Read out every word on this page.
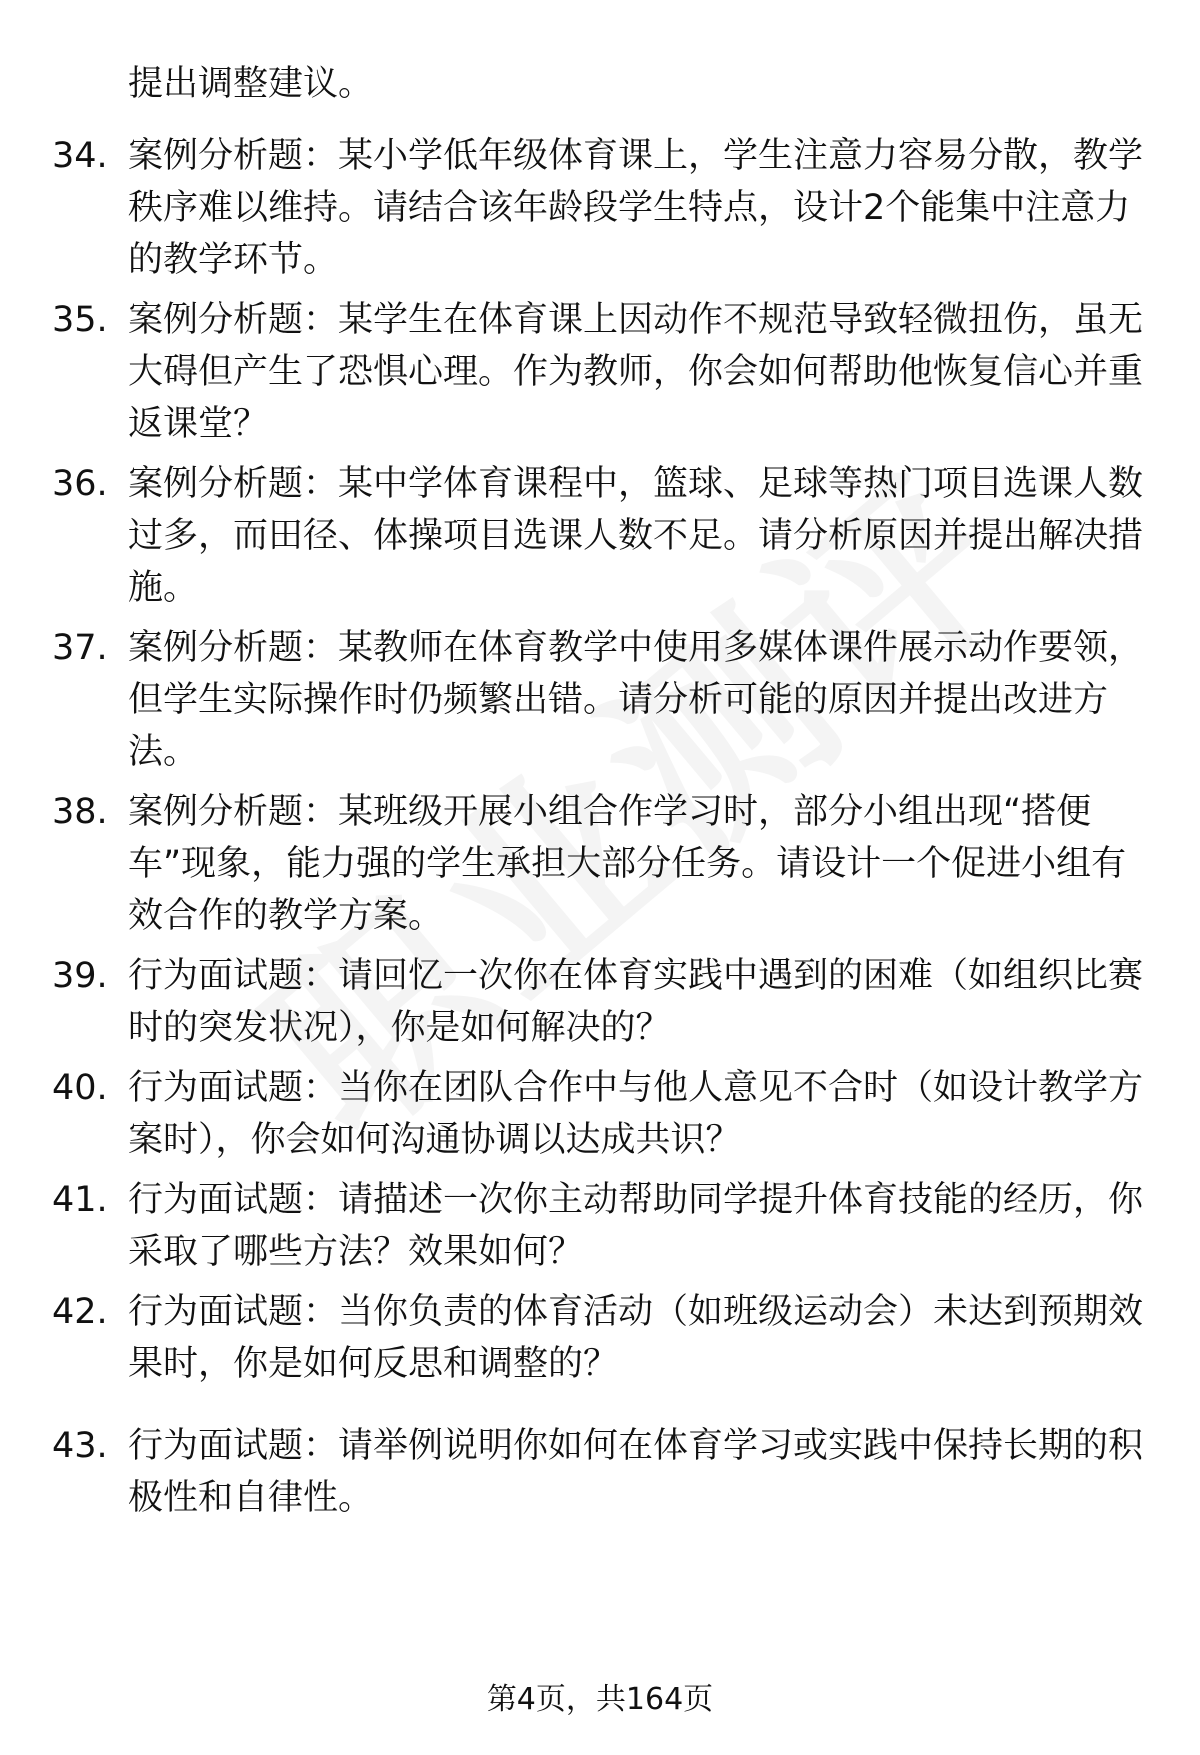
提出调整建议。
34. 案例分析题：某小学低年级体育课上，学生注意力容易分散，教学秩序难以维持。请结合该年龄段学生特点，设计2个能集中注意力的教学环节。
35. 案例分析题：某学生在体育课上因动作不规范导致轻微扭伤，虽无大碍但产生了恐惧心理。作为教师，你会如何帮助他恢复信心并重返课堂？
36. 案例分析题：某中学体育课程中，篮球、足球等热门项目选课人数过多，而田径、体操项目选课人数不足。请分析原因并提出解决措施。
37. 案例分析题：某教师在体育教学中使用多媒体课件展示动作要领，但学生实际操作时仍频繁出错。请分析可能的原因并提出改进方法。
38. 案例分析题：某班级开展小组合作学习时，部分小组出现“搭便车”现象，能力强的学生承担大部分任务。请设计一个促进小组有效合作的教学方案。
39. 行为面试题：请回忆一次你在体育实践中遇到的困难（如组织比赛时的突发状况），你是如何解决的？
40. 行为面试题：当你在团队合作中与他人意见不合时（如设计教学方案时），你会如何沟通协调以达成共识？
41. 行为面试题：请描述一次你主动帮助同学提升体育技能的经历，你采取了哪些方法？效果如何？
42. 行为面试题：当你负责的体育活动（如班级运动会）未达到预期效果时，你是如何反思和调整的？
43. 行为面试题：请举例说明你如何在体育学习或实践中保持长期的积极性和自律性。
第4页，共164页
